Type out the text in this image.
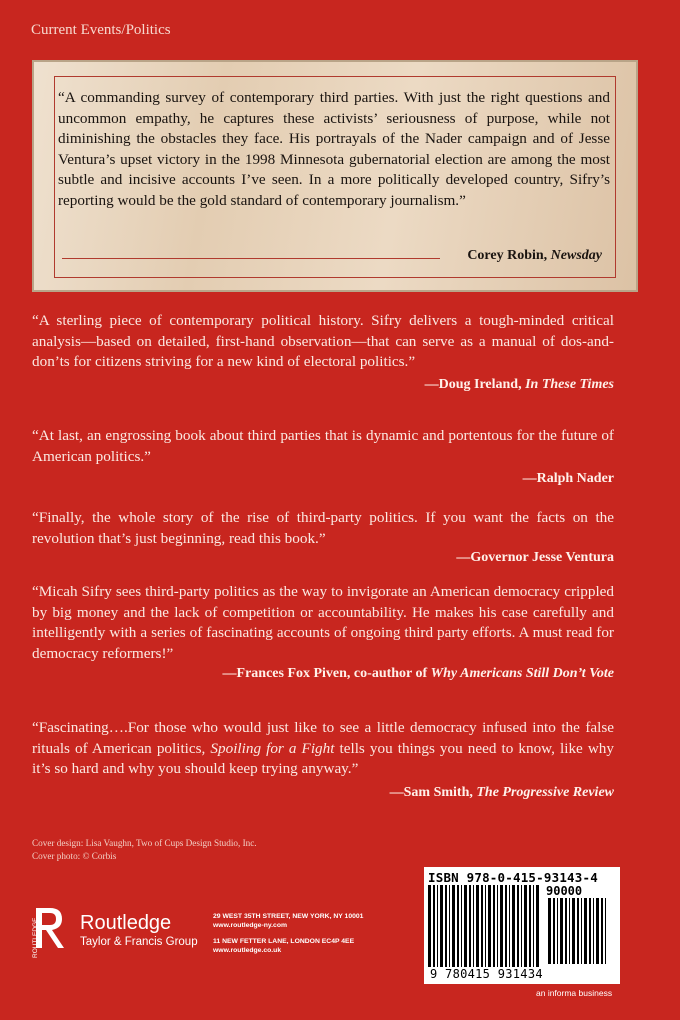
Current Events/Politics
“A commanding survey of contemporary third parties. With just the right questions and uncommon empathy, he captures these activists’ seriousness of purpose, while not diminishing the obstacles they face. His portrayals of the Nader campaign and of Jesse Ventura’s upset victory in the 1998 Minnesota gubernatorial election are among the most subtle and incisive accounts I’ve seen. In a more politically developed country, Sifry’s reporting would be the gold standard of contemporary journalism.”
Corey Robin, Newsday
“A sterling piece of contemporary political history. Sifry delivers a tough-minded critical analysis—based on detailed, first-hand observation—that can serve as a manual of dos-and-don’ts for citizens striving for a new kind of electoral politics.”
—Doug Ireland, In These Times
“At last, an engrossing book about third parties that is dynamic and portentous for the future of American politics.”
—Ralph Nader
“Finally, the whole story of the rise of third-party politics. If you want the facts on the revolution that’s just beginning, read this book.”
—Governor Jesse Ventura
“Micah Sifry sees third-party politics as the way to invigorate an American democracy crippled by big money and the lack of competition or accountability. He makes his case carefully and intelligently with a series of fascinating accounts of ongoing third party efforts. A must read for democracy reformers!”
—Frances Fox Piven, co-author of Why Americans Still Don’t Vote
“Fascinating….For those who would just like to see a little democracy infused into the false rituals of American politics, Spoiling for a Fight tells you things you need to know, like why it’s so hard and why you should keep trying anyway.”
—Sam Smith, The Progressive Review
Cover design: Lisa Vaughn, Two of Cups Design Studio, Inc.
Cover photo: © Corbis
ROUTLEDGE Routledge
Taylor & Francis Group
29 WEST 35TH STREET, NEW YORK, NY 10001
www.routledge-ny.com
11 NEW FETTER LANE, LONDON EC4P 4EE
www.routledge.co.uk
ISBN 978-0-415-93143-4
90000
9 780415 931434
an informa business
